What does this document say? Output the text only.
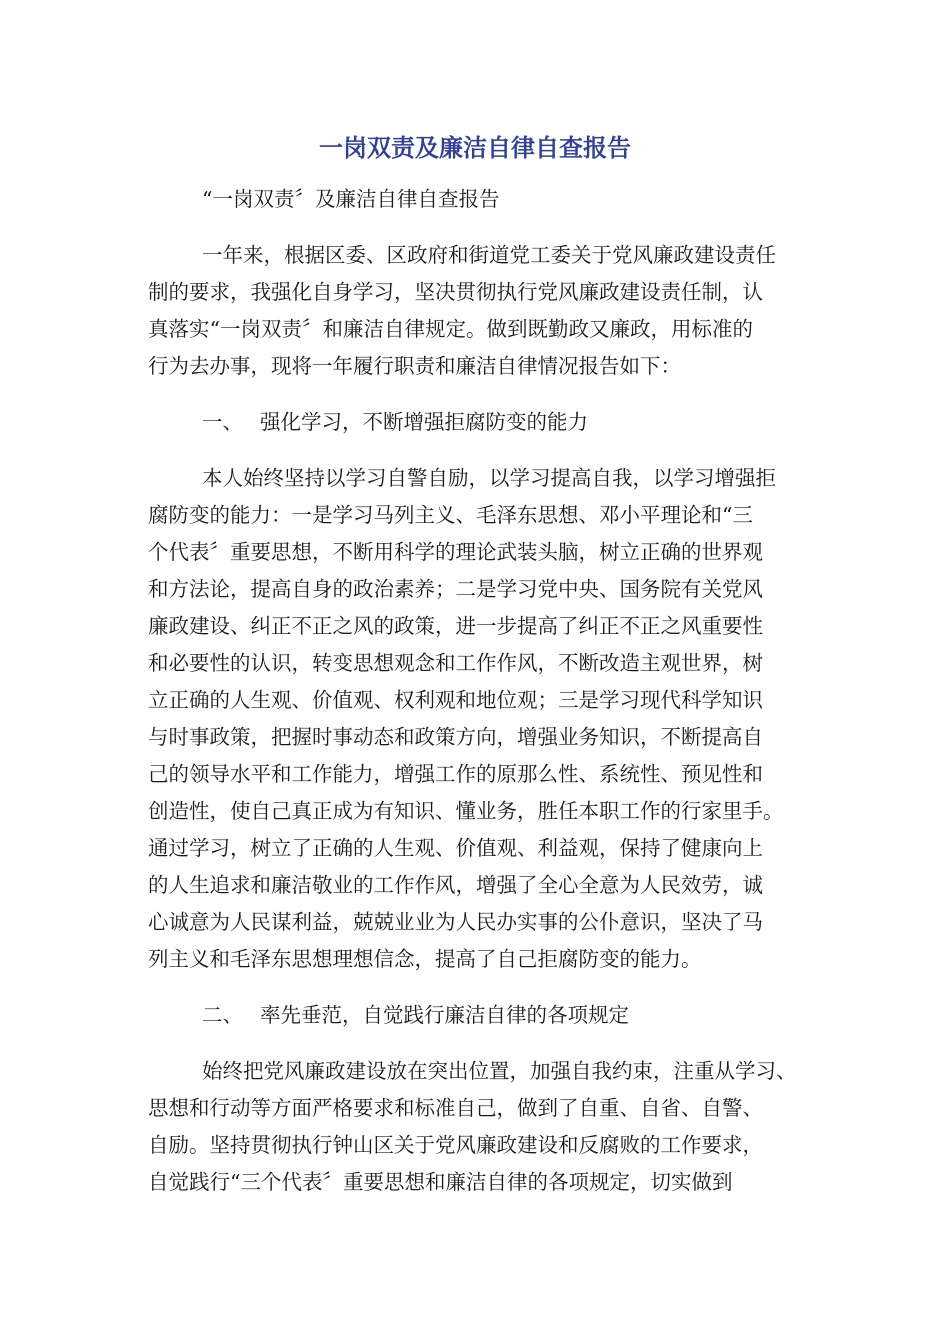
一岗双责及廉洁自律自查报告
“一岗双责〞及廉洁自律自查报告
一年来，根据区委、区政府和街道党工委关于党风廉政建设责任
制的要求，我强化自身学习，坚决贯彻执行党风廉政建设责任制，认
真落实“一岗双责〞和廉洁自律规定。做到既勤政又廉政，用标准的
行为去办事，现将一年履行职责和廉洁自律情况报告如下：
一、 强化学习，不断增强拒腐防变的能力
本人始终坚持以学习自警自励，以学习提高自我，以学习增强拒
腐防变的能力：一是学习马列主义、毛泽东思想、邓小平理论和“三
个代表〞重要思想，不断用科学的理论武装头脑，树立正确的世界观
和方法论，提高自身的政治素养；二是学习党中央、国务院有关党风
廉政建设、纠正不正之风的政策，进一步提高了纠正不正之风重要性
和必要性的认识，转变思想观念和工作作风，不断改造主观世界，树
立正确的人生观、价值观、权利观和地位观；三是学习现代科学知识
与时事政策，把握时事动态和政策方向，增强业务知识，不断提高自
己的领导水平和工作能力，增强工作的原那么性、系统性、预见性和
创造性，使自己真正成为有知识、懂业务，胜任本职工作的行家里手。
通过学习，树立了正确的人生观、价值观、利益观，保持了健康向上
的人生追求和廉洁敬业的工作作风，增强了全心全意为人民效劳，诚
心诚意为人民谋利益，兢兢业业为人民办实事的公仆意识，坚决了马
列主义和毛泽东思想理想信念，提高了自己拒腐防变的能力。
二、 率先垂范，自觉践行廉洁自律的各项规定
始终把党风廉政建设放在突出位置，加强自我约束，注重从学习、
思想和行动等方面严格要求和标准自己，做到了自重、自省、自警、
自励。坚持贯彻执行钟山区关于党风廉政建设和反腐败的工作要求，
自觉践行“三个代表〞重要思想和廉洁自律的各项规定，切实做到
